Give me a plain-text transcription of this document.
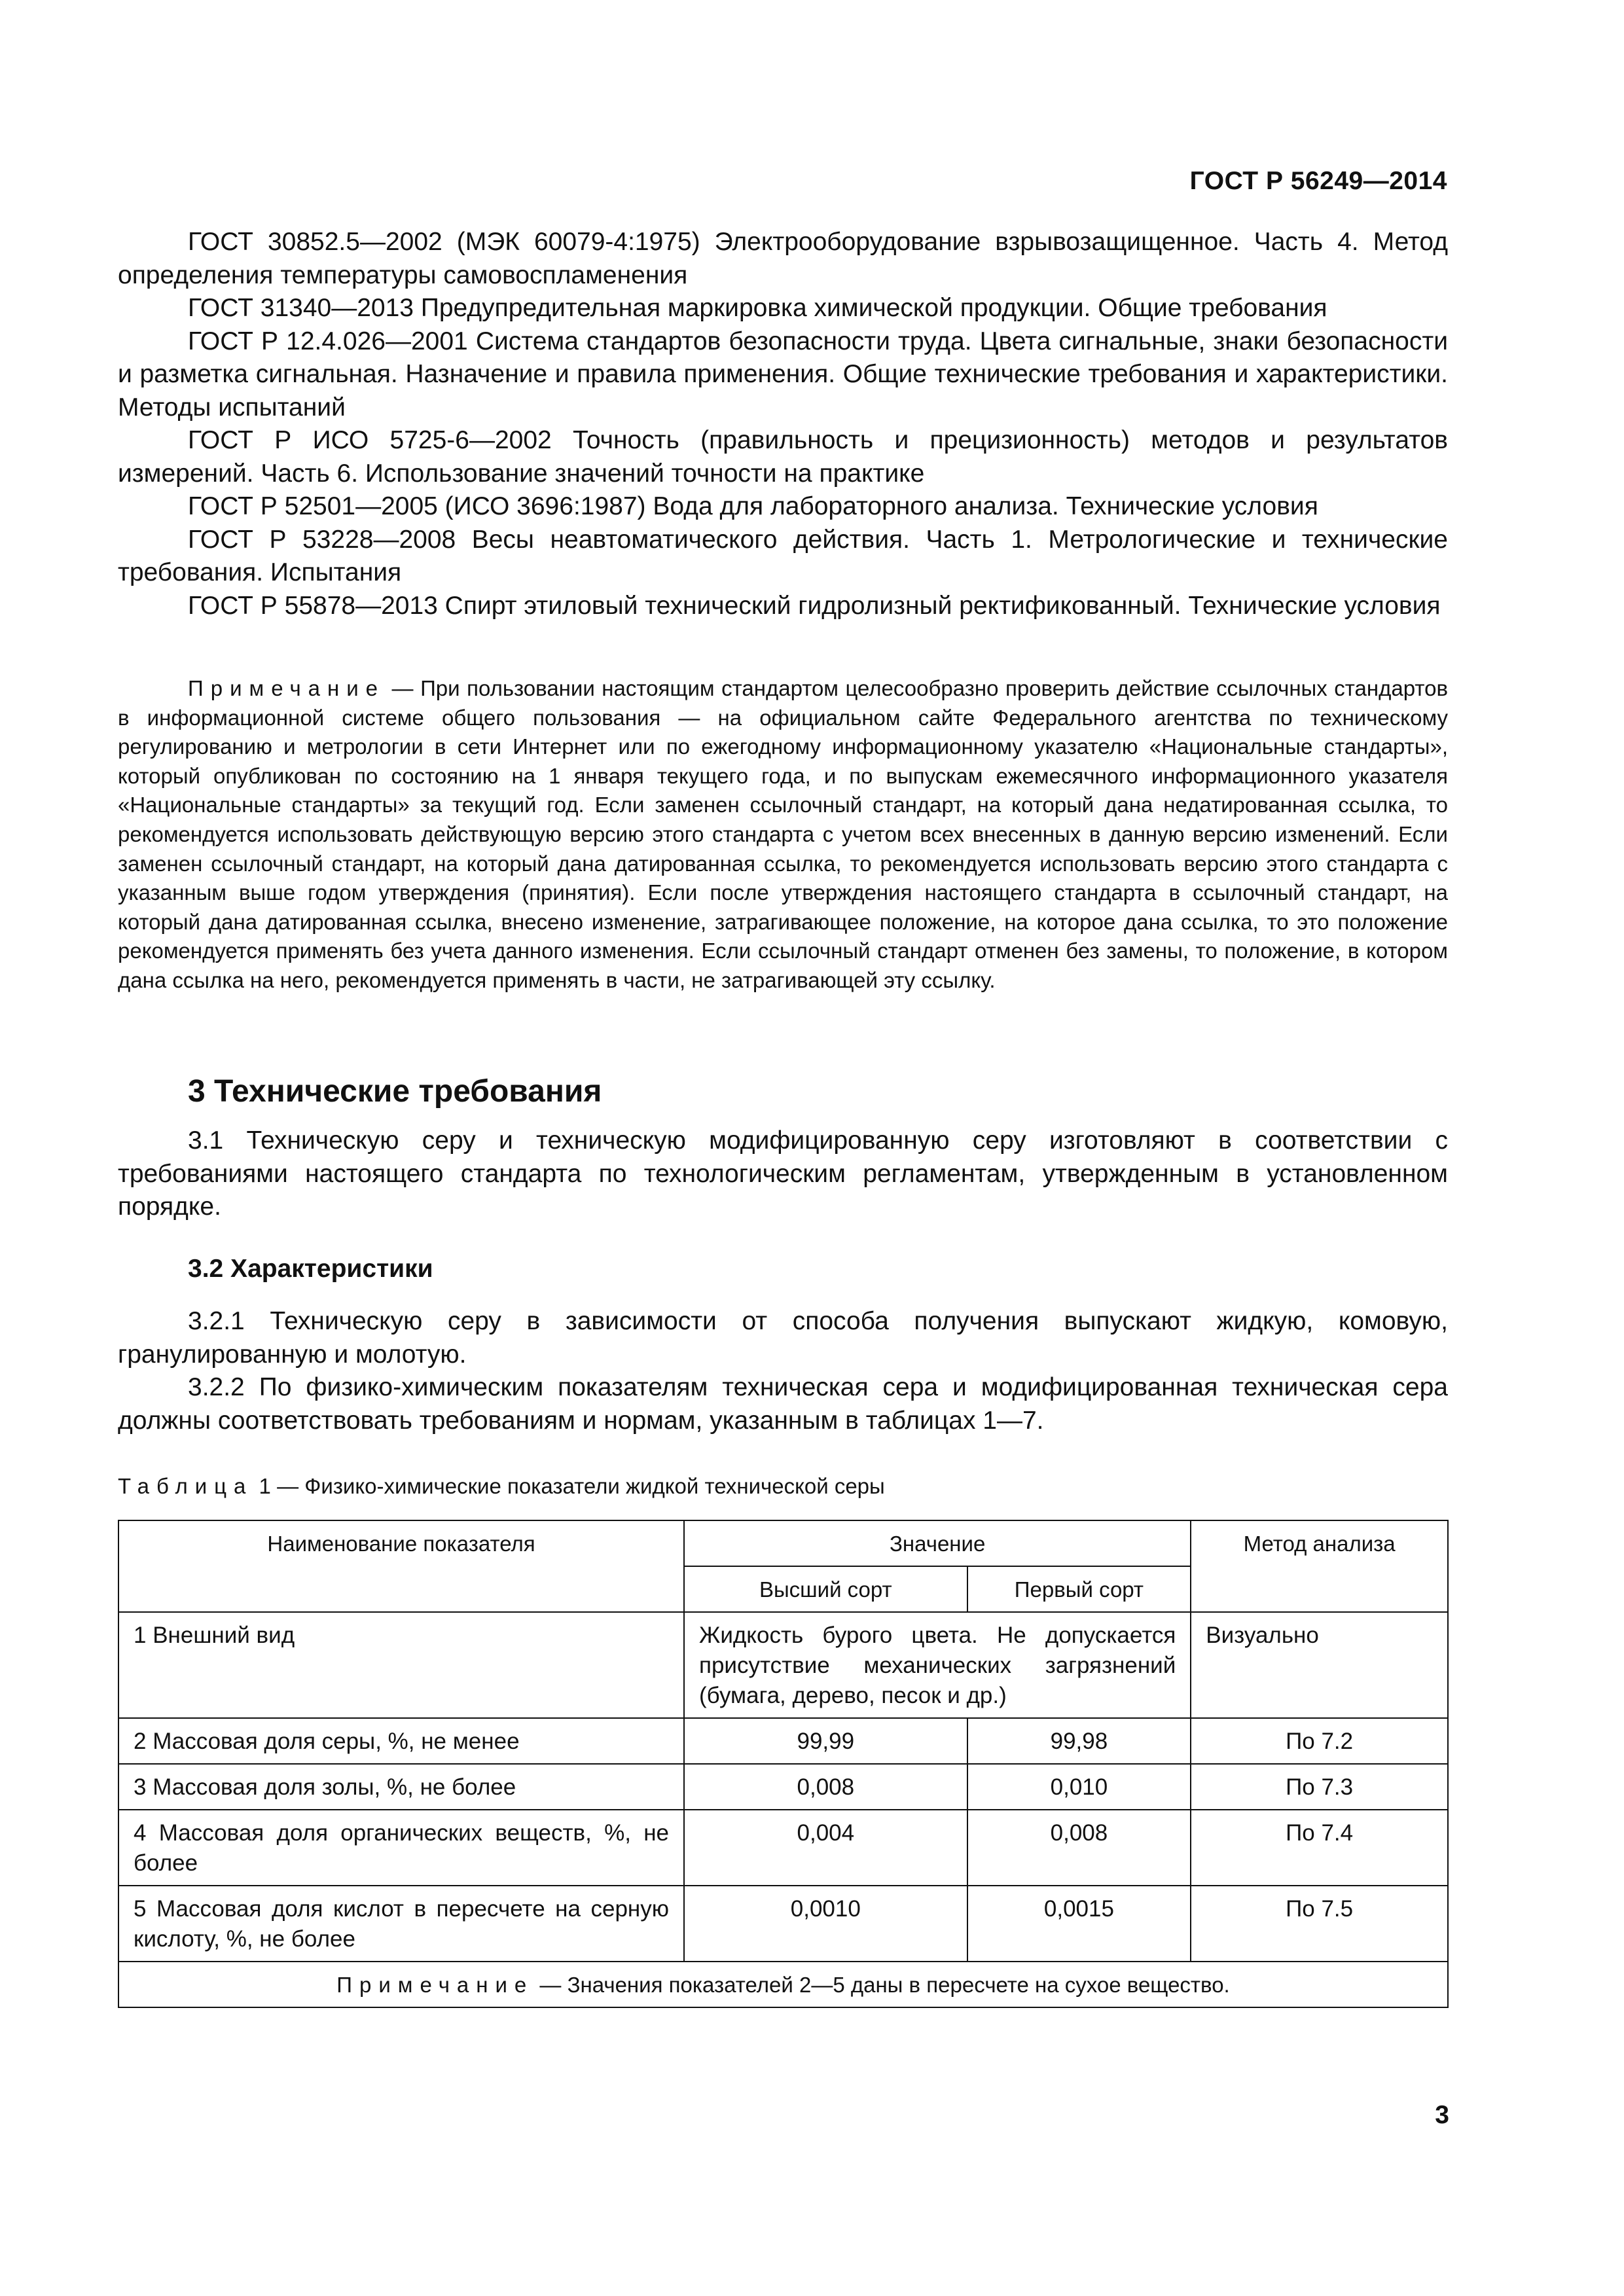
ГОСТ Р 56249—2014

ГОСТ 30852.5—2002 (МЭК 60079-4:1975) Электрооборудование взрывозащищенное. Часть 4. Метод определения температуры самовоспламенения

ГОСТ 31340—2013 Предупредительная маркировка химической продукции. Общие требования

ГОСТ Р 12.4.026—2001 Система стандартов безопасности труда. Цвета сигнальные, знаки безопасности и разметка сигнальная. Назначение и правила применения. Общие технические требования и характеристики. Методы испытаний

ГОСТ Р ИСО 5725-6—2002 Точность (правильность и прецизионность) методов и результатов измерений. Часть 6. Использование значений точности на практике

ГОСТ Р 52501—2005 (ИСО 3696:1987) Вода для лабораторного анализа. Технические условия

ГОСТ Р 53228—2008 Весы неавтоматического действия. Часть 1. Метрологические и технические требования. Испытания

ГОСТ Р 55878—2013 Спирт этиловый технический гидролизный ректификованный. Технические условия

Примечание — При пользовании настоящим стандартом целесообразно проверить действие ссылочных стандартов в информационной системе общего пользования — на официальном сайте Федерального агентства по техническому регулированию и метрологии в сети Интернет или по ежегодному информационному указателю «Национальные стандарты», который опубликован по состоянию на 1 января текущего года, и по выпускам ежемесячного информационного указателя «Национальные стандарты» за текущий год. Если заменен ссылочный стандарт, на который дана недатированная ссылка, то рекомендуется использовать действующую версию этого стандарта с учетом всех внесенных в данную версию изменений. Если заменен ссылочный стандарт, на который дана датированная ссылка, то рекомендуется использовать версию этого стандарта с указанным выше годом утверждения (принятия). Если после утверждения настоящего стандарта в ссылочный стандарт, на который дана датированная ссылка, внесено изменение, затрагивающее положение, на которое дана ссылка, то это положение рекомендуется применять без учета данного изменения. Если ссылочный стандарт отменен без замены, то положение, в котором дана ссылка на него, рекомендуется применять в части, не затрагивающей эту ссылку.

3 Технические требования

3.1 Техническую серу и техническую модифицированную серу изготовляют в соответствии с требованиями настоящего стандарта по технологическим регламентам, утвержденным в установленном порядке.

3.2 Характеристики

3.2.1 Техническую серу в зависимости от способа получения выпускают жидкую, комовую, гранулированную и молотую.

3.2.2 По физико-химическим показателям техническая сера и модифицированная техническая сера должны соответствовать требованиям и нормам, указанным в таблицах 1—7.

Таблица 1 — Физико-химические показатели жидкой технической серы

Наименование показателя	Значение		Метод анализа
	Высший сорт	Первый сорт	
1 Внешний вид	Жидкость бурого цвета. Не допускается присутствие механических загрязнений (бумага, дерево, песок и др.)		Визуально
2 Массовая доля серы, %, не менее	99,99	99,98	По 7.2
3 Массовая доля золы, %, не более	0,008	0,010	По 7.3
4 Массовая доля органических веществ, %, не более	0,004	0,008	По 7.4
5 Массовая доля кислот в пересчете на серную кислоту, %, не более	0,0010	0,0015	По 7.5
Примечание — Значения показателей 2—5 даны в пересчете на сухое вещество.			
3
